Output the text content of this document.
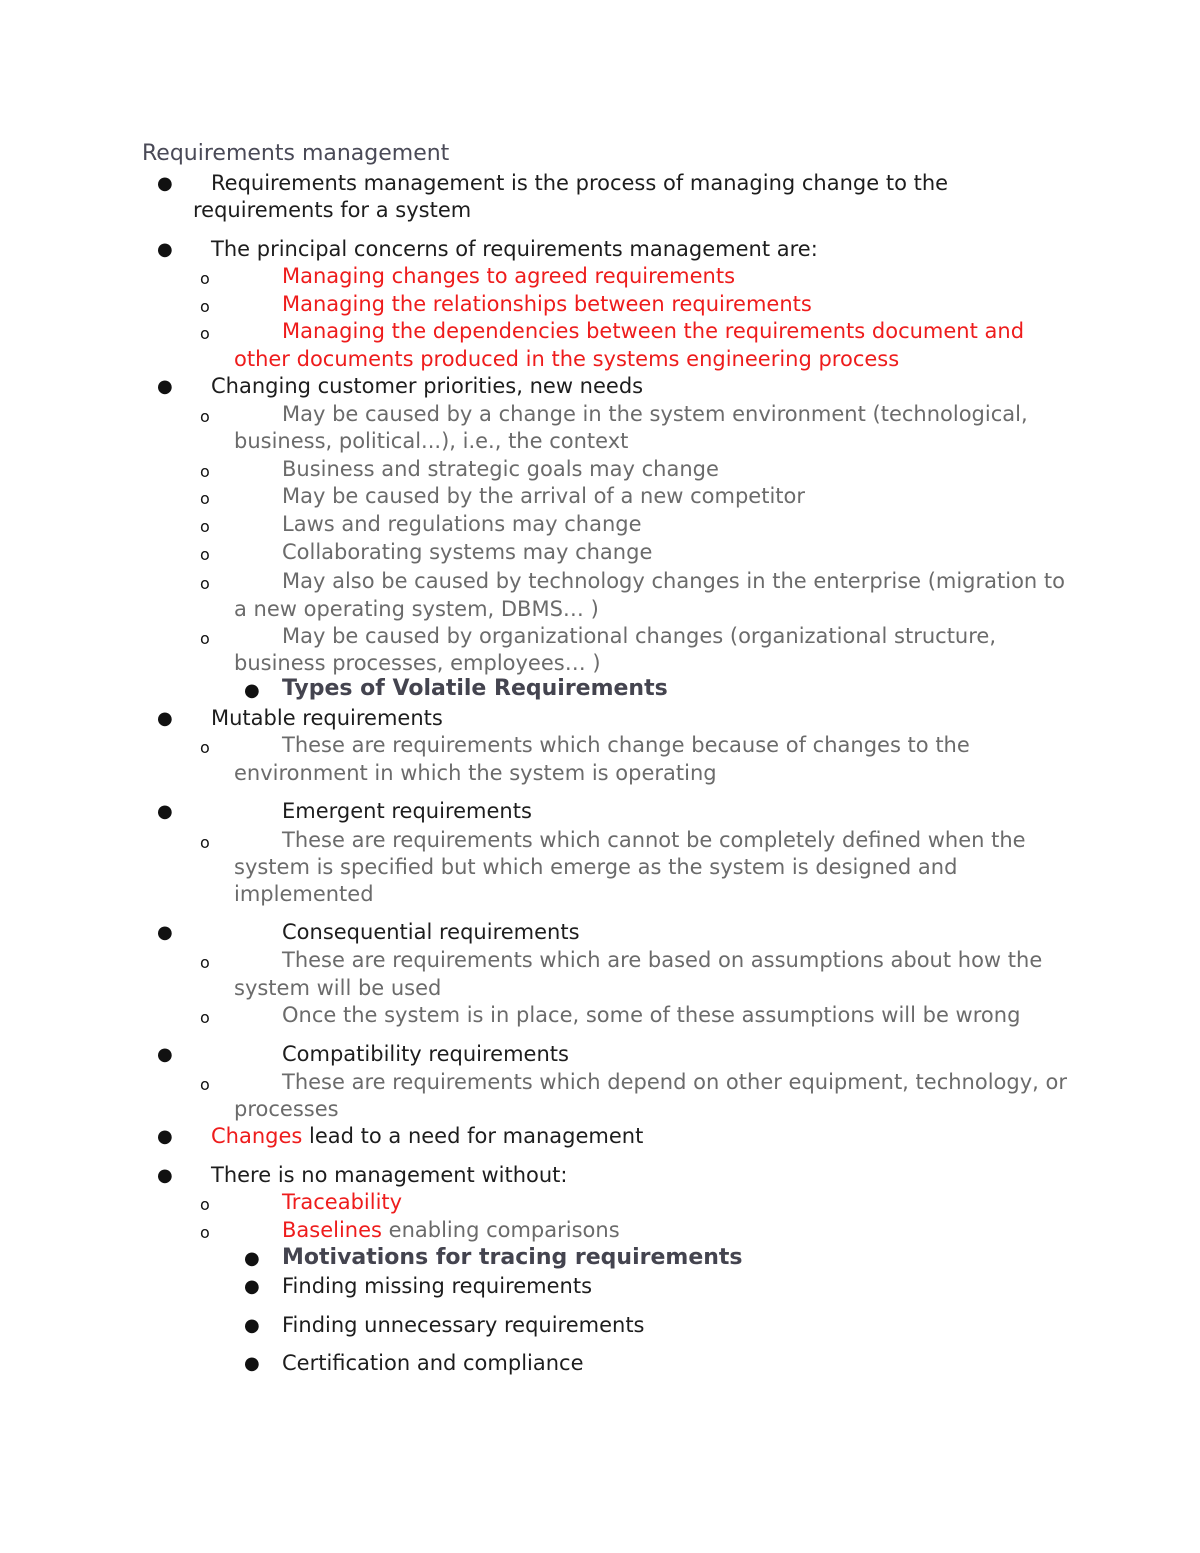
Requirements management
● Requirements management is the process of managing change to the
requirements for a system
● The principal concerns of requirements management are:
o	Managing changes to agreed requirements
o	Managing the relationships between requirements
o	Managing the dependencies between the requirements document and
other documents produced in the systems engineering process
● Changing customer priorities, new needs
o	May be caused by a change in the system environment (technological,
business, political...), i.e., the context
o	Business and strategic goals may change
o	May be caused by the arrival of a new competitor
o	Laws and regulations may change
o	Collaborating systems may change
o	May also be caused by technology changes in the enterprise (migration to
a new operating system, DBMS… )
o	May be caused by organizational changes (organizational structure,
business processes, employees… )
● Types of Volatile Requirements
● Mutable requirements
o	These are requirements which change because of changes to the
environment in which the system is operating
●	Emergent requirements
o	These are requirements which cannot be completely defined when the
system is specified but which emerge as the system is designed and
implemented
●	Consequential requirements
o	These are requirements which are based on assumptions about how the
system will be used
o	Once the system is in place, some of these assumptions will be wrong
●	Compatibility requirements
o	These are requirements which depend on other equipment, technology, or
processes
● Changes lead to a need for management
● There is no management without:
o	Traceability
o	Baselines enabling comparisons
● Motivations for tracing requirements
● Finding missing requirements
● Finding unnecessary requirements
● Certification and compliance
